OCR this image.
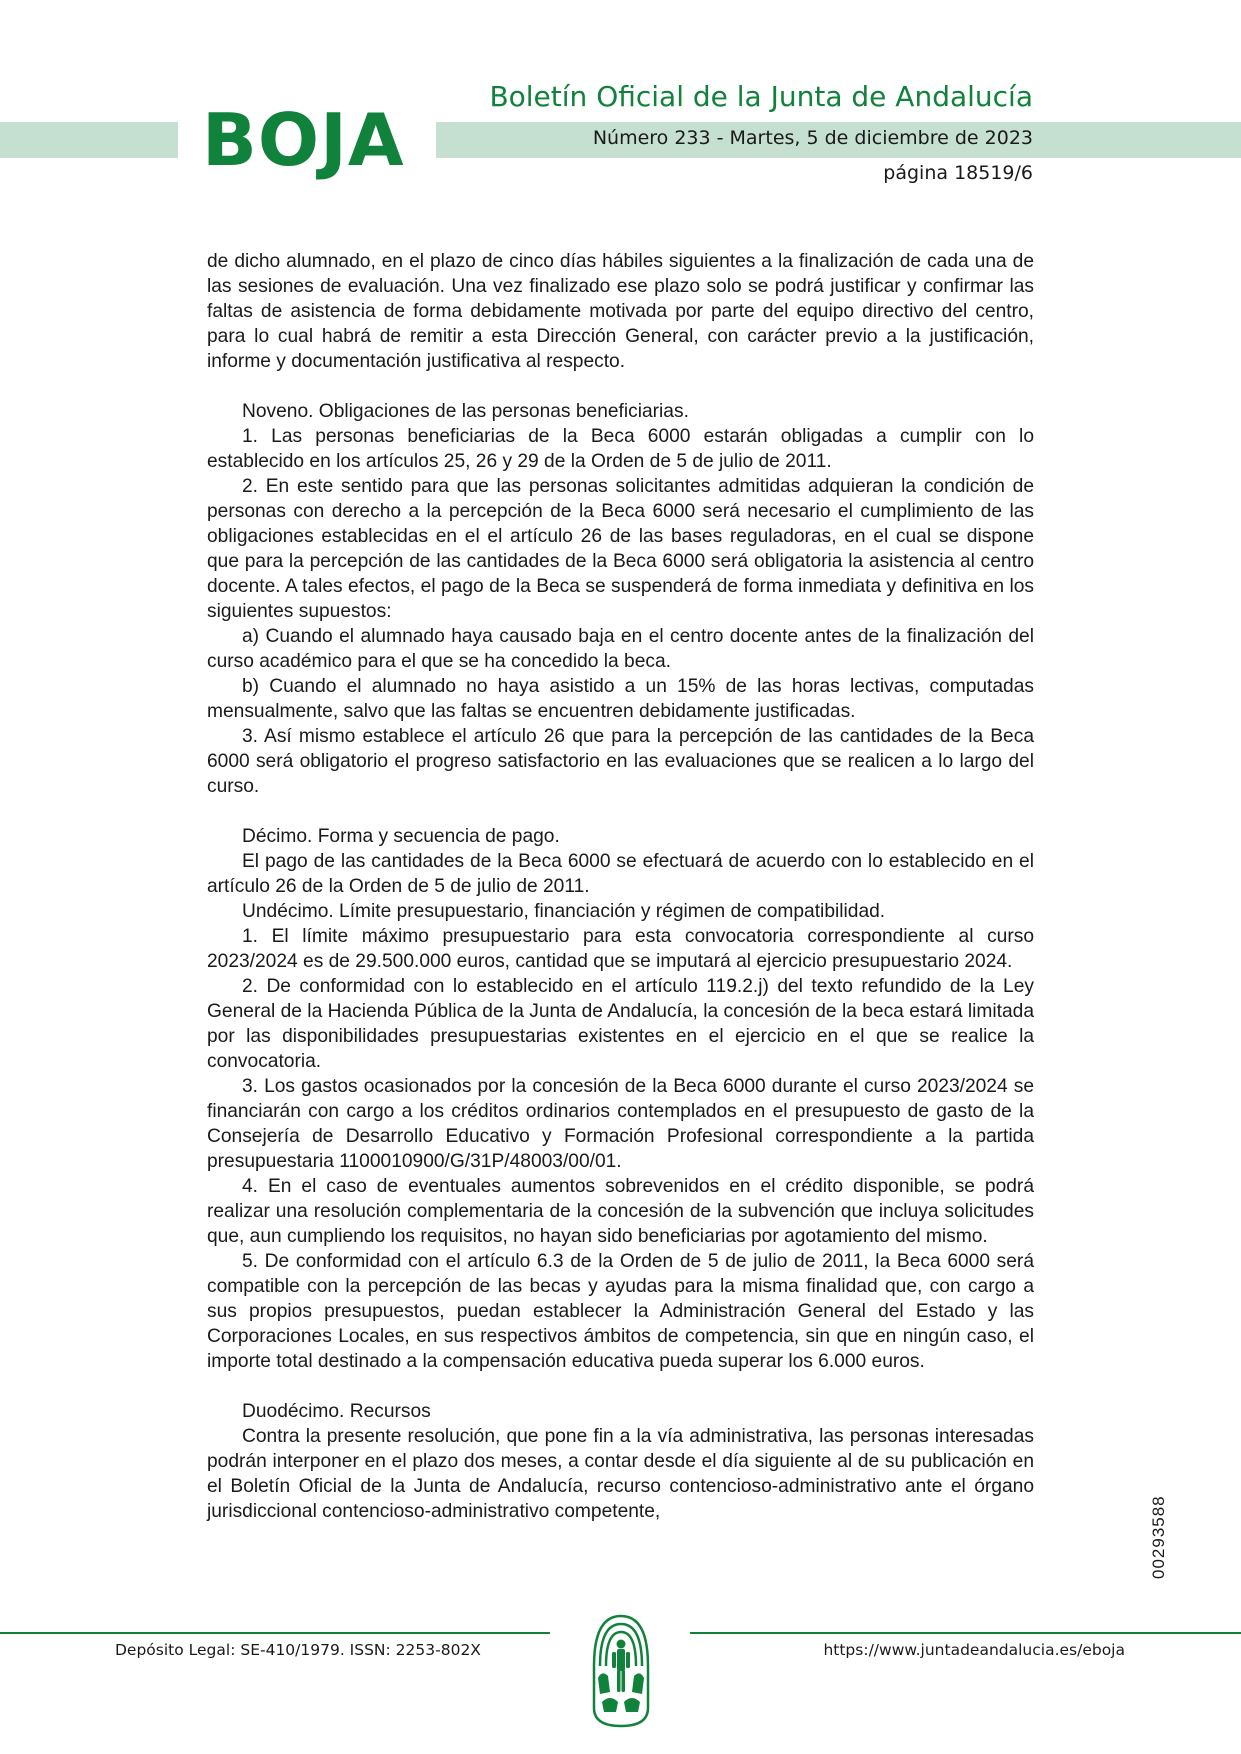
BOJA
Boletín Oficial de la Junta de Andalucía
Número 233 - Martes, 5 de diciembre de 2023
página 18519/6

de dicho alumnado, en el plazo de cinco días hábiles siguientes a la finalización de cada una de las sesiones de evaluación. Una vez finalizado ese plazo solo se podrá justificar y confirmar las faltas de asistencia de forma debidamente motivada por parte del equipo directivo del centro, para lo cual habrá de remitir a esta Dirección General, con carácter previo a la justificación, informe y documentación justificativa al respecto.

Noveno. Obligaciones de las personas beneficiarias.

1. Las personas beneficiarias de la Beca 6000 estarán obligadas a cumplir con lo establecido en los artículos 25, 26 y 29 de la Orden de 5 de julio de 2011.

2. En este sentido para que las personas solicitantes admitidas adquieran la condición de personas con derecho a la percepción de la Beca 6000 será necesario el cumplimiento de las obligaciones establecidas en el el artículo 26 de las bases reguladoras, en el cual se dispone que para la percepción de las cantidades de la Beca 6000 será obligatoria la asistencia al centro docente. A tales efectos, el pago de la Beca se suspenderá de forma inmediata y definitiva en los siguientes supuestos:

a) Cuando el alumnado haya causado baja en el centro docente antes de la finalización del curso académico para el que se ha concedido la beca.

b) Cuando el alumnado no haya asistido a un 15% de las horas lectivas, computadas mensualmente, salvo que las faltas se encuentren debidamente justificadas.

3. Así mismo establece el artículo 26 que para la percepción de las cantidades de la Beca 6000 será obligatorio el progreso satisfactorio en las evaluaciones que se realicen a lo largo del curso.

Décimo. Forma y secuencia de pago.

El pago de las cantidades de la Beca 6000 se efectuará de acuerdo con lo establecido en el artículo 26 de la Orden de 5 de julio de 2011.

Undécimo. Límite presupuestario, financiación y régimen de compatibilidad.

1. El límite máximo presupuestario para esta convocatoria correspondiente al curso 2023/2024 es de 29.500.000 euros, cantidad que se imputará al ejercicio presupuestario 2024.

2. De conformidad con lo establecido en el artículo 119.2.j) del texto refundido de la Ley General de la Hacienda Pública de la Junta de Andalucía, la concesión de la beca estará limitada por las disponibilidades presupuestarias existentes en el ejercicio en el que se realice la convocatoria.

3. Los gastos ocasionados por la concesión de la Beca 6000 durante el curso 2023/2024 se financiarán con cargo a los créditos ordinarios contemplados en el presupuesto de gasto de la Consejería de Desarrollo Educativo y Formación Profesional correspondiente a la partida presupuestaria 1100010900/G/31P/48003/00/01.

4. En el caso de eventuales aumentos sobrevenidos en el crédito disponible, se podrá realizar una resolución complementaria de la concesión de la subvención que incluya solicitudes que, aun cumpliendo los requisitos, no hayan sido beneficiarias por agotamiento del mismo.

5. De conformidad con el artículo 6.3 de la Orden de 5 de julio de 2011, la Beca 6000 será compatible con la percepción de las becas y ayudas para la misma finalidad que, con cargo a sus propios presupuestos, puedan establecer la Administración General del Estado y las Corporaciones Locales, en sus respectivos ámbitos de competencia, sin que en ningún caso, el importe total destinado a la compensación educativa pueda superar los 6.000 euros.

Duodécimo. Recursos

Contra la presente resolución, que pone fin a la vía administrativa, las personas interesadas podrán interponer en el plazo dos meses, a contar desde el día siguiente al de su publicación en el Boletín Oficial de la Junta de Andalucía, recurso contencioso-administrativo ante el órgano jurisdiccional contencioso-administrativo competente,	00293588
Depósito Legal: SE-410/1979. ISSN: 2253-802X	https://www.juntadeandalucia.es/eboja
